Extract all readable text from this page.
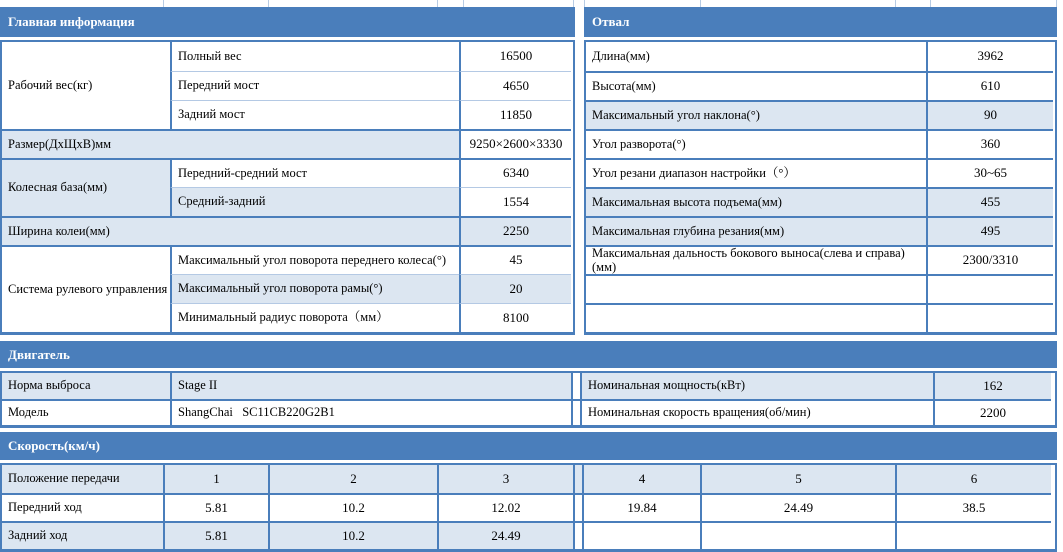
Главная информация
Рабочий вес(кг)
Полный вес	16500
Передний мост	4650
Задний мост	11850
Размер(ДхЩхВ)мм	9250×2600×3330
Колесная база(мм)
Передний-средний мост	6340
Средний-задний	1554
Ширина колеи(мм)	2250
Система рулевого управления
Максимальный угол поворота переднего колеса(°)	45
Максимальный угол поворота рамы(°)	20
Минимальный радиус поворота（мм）	8100
Отвал
Длина(мм)	3962
Высота(мм)	610
Максимальный угол наклона(°)	90
Угол разворота(°)	360
Угол резани диапазон настройки（°）	30~65
Максимальная высота подъема(мм)	455
Максимальная глубина резания(мм)	495
Максимальная дальность бокового выноса(слева и справа)(мм)	2300/3310
Двигатель
Норма выброса	Stage II	Номинальная мощность(кВт)	162
Модель	ShangChai   SC11CB220G2B1	Номинальная скорость вращения(об/мин)	2200
Скорость(км/ч)
Положение передачи	1	2	3	4	5	6
Передний ход	5.81	10.2	12.02	19.84	24.49	38.5
Задний ход	5.81	10.2	24.49
